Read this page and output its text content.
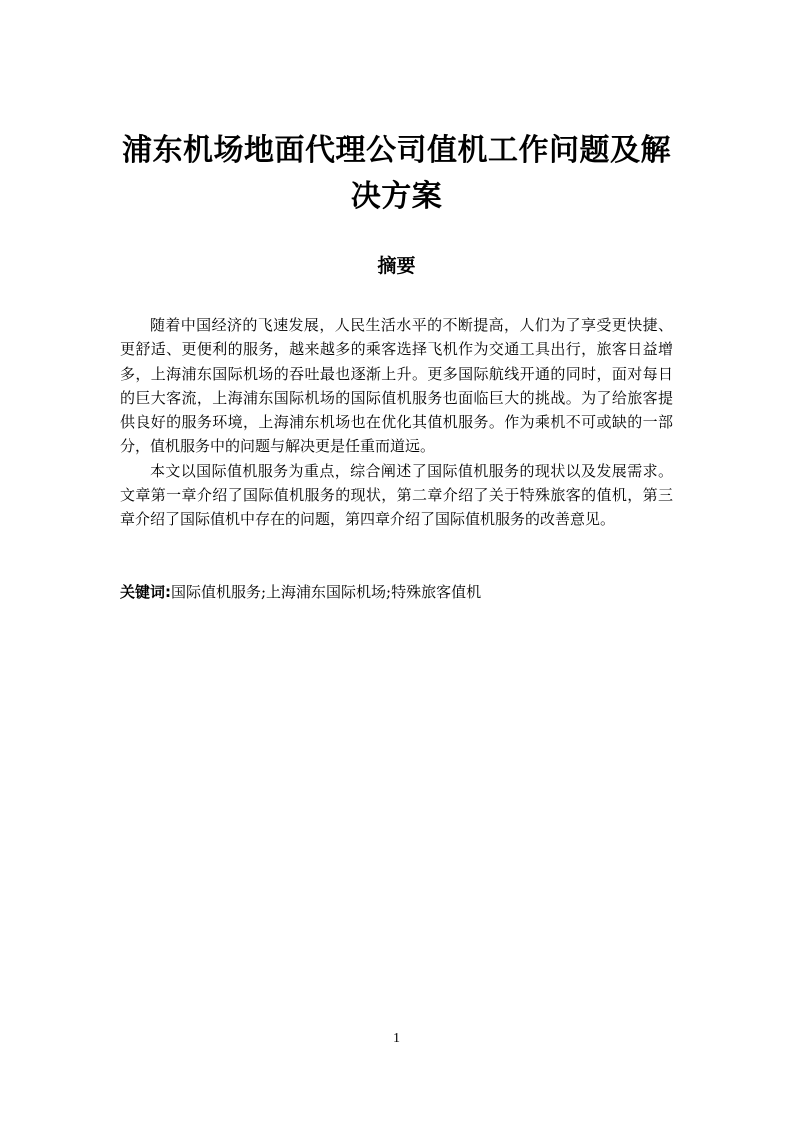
浦东机场地面代理公司值机工作问题及解
决方案
摘要

随着中国经济的飞速发展，人民生活水平的不断提高，人们为了享受更快捷、更舒适、更便利的服务，越来越多的乘客选择飞机作为交通工具出行，旅客日益增多，上海浦东国际机场的吞吐最也逐渐上升。更多国际航线开通的同时，面对每日的巨大客流，上海浦东国际机场的国际值机服务也面临巨大的挑战。为了给旅客提供良好的服务环境，上海浦东机场也在优化其值机服务。作为乘机不可或缺的一部分，值机服务中的问题与解决更是任重而道远。

本文以国际值机服务为重点，综合阐述了国际值机服务的现状以及发展需求。文章第一章介绍了国际值机服务的现状，第二章介绍了关于特殊旅客的值机，第三章介绍了国际值机中存在的问题，第四章介绍了国际值机服务的改善意见。

关键词:国际值机服务;上海浦东国际机场;特殊旅客值机
1
